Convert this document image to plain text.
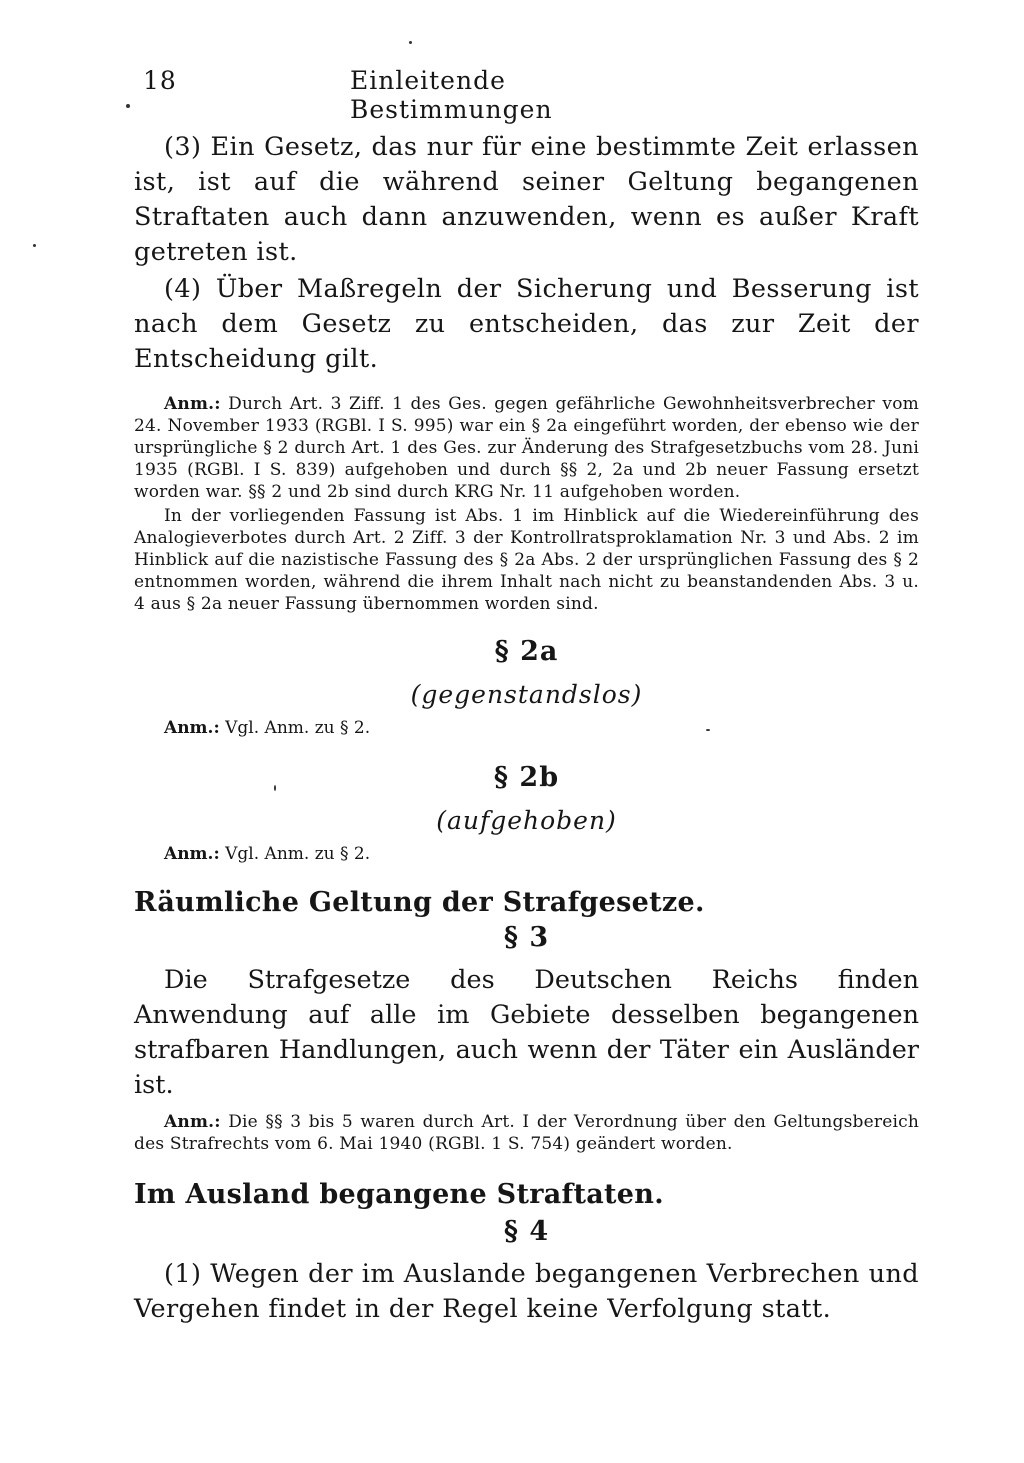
18	Einleitende Bestimmungen

(3) Ein Gesetz, das nur für eine bestimmte Zeit erlassen ist, ist auf die während seiner Geltung begangenen Straftaten auch dann anzuwenden, wenn es außer Kraft getreten ist.

(4) Über Maßregeln der Sicherung und Besserung ist nach dem Gesetz zu entscheiden, das zur Zeit der Entscheidung gilt.

Anm.: Durch Art. 3 Ziff. 1 des Ges. gegen gefährliche Gewohnheitsverbrecher vom 24. November 1933 (RGBl. I S. 995) war ein § 2a eingeführt worden, der ebenso wie der ursprüngliche § 2 durch Art. 1 des Ges. zur Änderung des Strafgesetzbuchs vom 28. Juni 1935 (RGBl. I S. 839) aufgehoben und durch §§ 2, 2a und 2b neuer Fassung ersetzt worden war. §§ 2 und 2b sind durch KRG Nr. 11 aufgehoben worden.

In der vorliegenden Fassung ist Abs. 1 im Hinblick auf die Wiedereinführung des Analogieverbotes durch Art. 2 Ziff. 3 der Kontrollratsproklamation Nr. 3 und Abs. 2 im Hinblick auf die nazistische Fassung des § 2a Abs. 2 der ursprünglichen Fassung des § 2 entnommen worden, während die ihrem Inhalt nach nicht zu beanstandenden Abs. 3 u. 4 aus § 2a neuer Fassung übernommen worden sind.

§ 2a

(gegenstandslos)

Anm.: Vgl. Anm. zu § 2.

§ 2b

(aufgehoben)

Anm.: Vgl. Anm. zu § 2.

Räumliche Geltung der Strafgesetze.

§ 3

Die Strafgesetze des Deutschen Reichs finden Anwendung auf alle im Gebiete desselben begangenen strafbaren Handlungen, auch wenn der Täter ein Ausländer ist.

Anm.: Die §§ 3 bis 5 waren durch Art. I der Verordnung über den Geltungsbereich des Strafrechts vom 6. Mai 1940 (RGBl. 1 S. 754) geändert worden.

Im Ausland begangene Straftaten.

§ 4

(1) Wegen der im Auslande begangenen Verbrechen und Vergehen findet in der Regel keine Verfolgung statt.
